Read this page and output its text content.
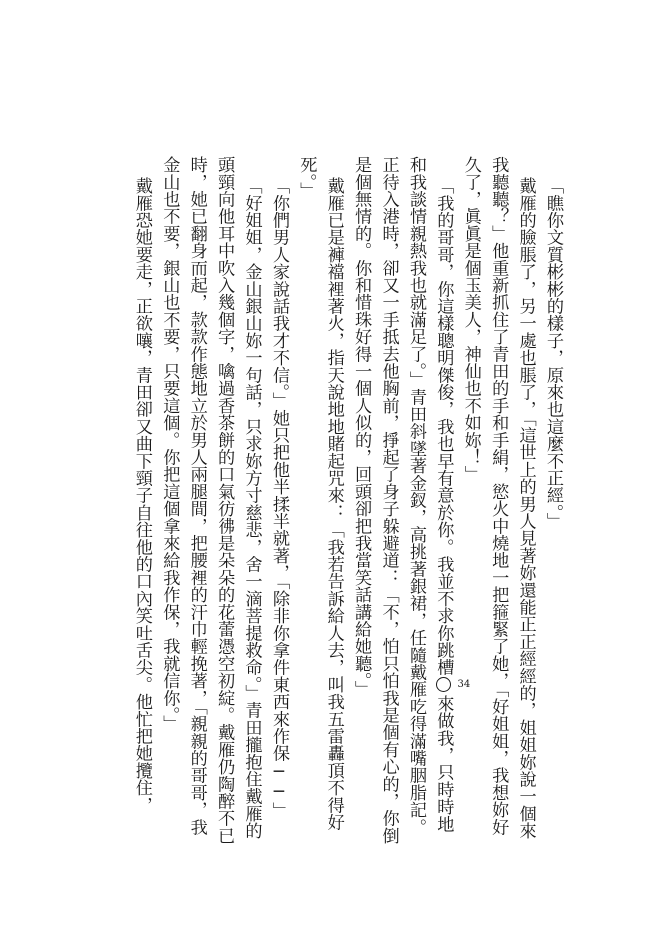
「瞧你文質彬彬的樣子，原來也這麼不正經。」

戴雁的臉脹了，另一處也脹了，「這世上的男人見著妳還能正正經經的，姐姐妳說一個來我聽聽？」他重新抓住了青田的手和手絹，慾火中燒地一把箍緊了她，「好姐姐，我想妳好久了，眞眞是個玉美人，神仙也不如妳！」

「我的哥哥，你這樣聰明傑俊，我也早有意於你。我並不求你跳槽34來做我，只時時地和我談情親熱我也就滿足了。」青田斜墜著金釵，高挑著銀裙，任隨戴雁吃得滿嘴胭脂記。正待入港時，卻又一手抵去他胸前，掙起了身子躲避道：「不，怕只怕我是個有心的，你倒是個無情的。你和惜珠好得一個人似的，回頭卻把我當笑話講給她聽。」

戴雁已是褲襠裡著火，指天說地地賭起咒來：「我若告訴給人去，叫我五雷轟頂不得好死。」

「你們男人家說話我才不信。」她只把他半揉半就著，「除非你拿件東西來作保──」

「好姐姐，金山銀山妳一句話，只求妳方寸慈悲，舍一滴菩提救命。」青田攏抱住戴雁的頭頸向他耳中吹入幾個字，噙過香茶餅的口氣彷彿是朵朵的花蕾憑空初綻。戴雁仍陶醉不已時，她已翻身而起，款款作態地立於男人兩腿間，把腰裡的汗巾輕挽著，「親親的哥哥，我金山也不要，銀山也不要，只要這個。你把這個拿來給我作保，我就信你。」

戴雁恐她要走，正欲嚷，青田卻又曲下頸子自往他的口內笑吐舌尖。他忙把她攬住，
